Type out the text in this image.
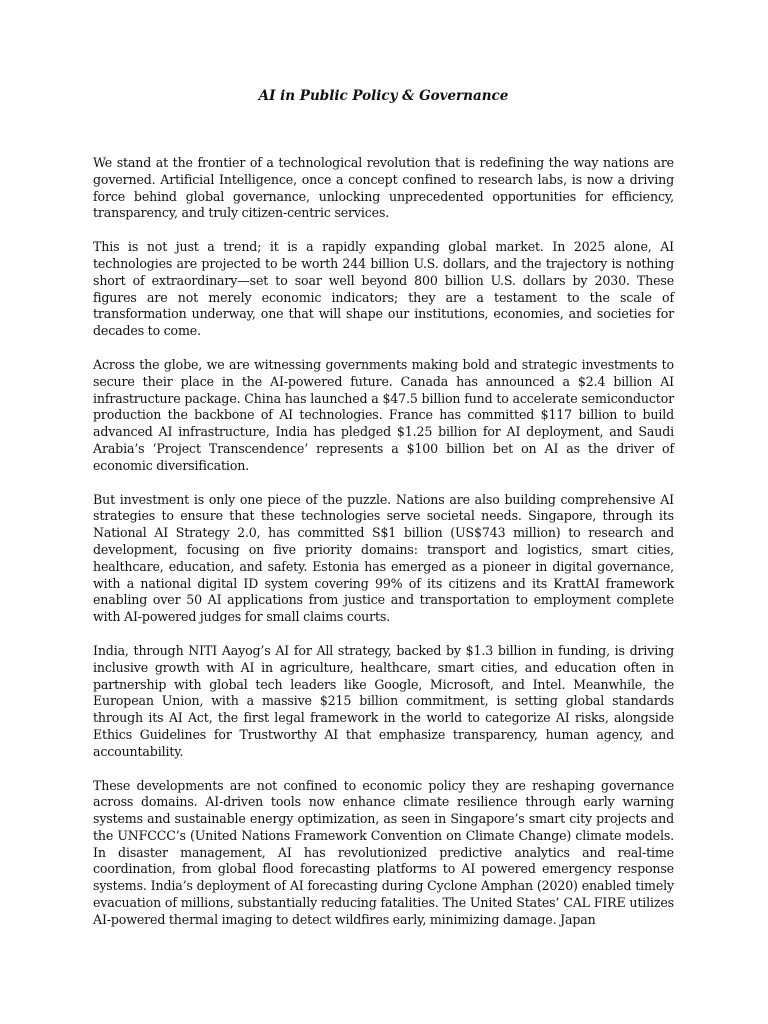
AI in Public Policy & Governance

We stand at the frontier of a technological revolution that is redefining the way nations are governed. Artificial Intelligence, once a concept confined to research labs, is now a driving force behind global governance, unlocking unprecedented opportunities for efficiency, transparency, and truly citizen-centric services.

This is not just a trend; it is a rapidly expanding global market. In 2025 alone, AI technologies are projected to be worth 244 billion U.S. dollars, and the trajectory is nothing short of extraordinary—set to soar well beyond 800 billion U.S. dollars by 2030. These figures are not merely economic indicators; they are a testament to the scale of transformation underway, one that will shape our institutions, economies, and societies for decades to come.

Across the globe, we are witnessing governments making bold and strategic investments to secure their place in the AI-powered future. Canada has announced a $2.4 billion AI infrastructure package. China has launched a $47.5 billion fund to accelerate semiconductor production the backbone of AI technologies. France has committed $117 billion to build advanced AI infrastructure, India has pledged $1.25 billion for AI deployment, and Saudi Arabia’s ‘Project Transcendence’ represents a $100 billion bet on AI as the driver of economic diversification.

But investment is only one piece of the puzzle. Nations are also building comprehensive AI strategies to ensure that these technologies serve societal needs. Singapore, through its National AI Strategy 2.0, has committed S$1 billion (US$743 million) to research and development, focusing on five priority domains: transport and logistics, smart cities, healthcare, education, and safety. Estonia has emerged as a pioneer in digital governance, with a national digital ID system covering 99% of its citizens and its KrattAI framework enabling over 50 AI applications from justice and transportation to employment complete with AI-powered judges for small claims courts.

India, through NITI Aayog’s AI for All strategy, backed by $1.3 billion in funding, is driving inclusive growth with AI in agriculture, healthcare, smart cities, and education often in partnership with global tech leaders like Google, Microsoft, and Intel. Meanwhile, the European Union, with a massive $215 billion commitment, is setting global standards through its AI Act, the first legal framework in the world to categorize AI risks, alongside Ethics Guidelines for Trustworthy AI that emphasize transparency, human agency, and accountability.

These developments are not confined to economic policy they are reshaping governance across domains. AI-driven tools now enhance climate resilience through early warning systems and sustainable energy optimization, as seen in Singapore’s smart city projects and the UNFCCC’s (United Nations Framework Convention on Climate Change) climate models. In disaster management, AI has revolutionized predictive analytics and real-time coordination, from global flood forecasting platforms to AI powered emergency response systems. India’s deployment of AI forecasting during Cyclone Amphan (2020) enabled timely evacuation of millions, substantially reducing fatalities. The United States’ CAL FIRE utilizes AI-powered thermal imaging to detect wildfires early, minimizing damage. Japan
